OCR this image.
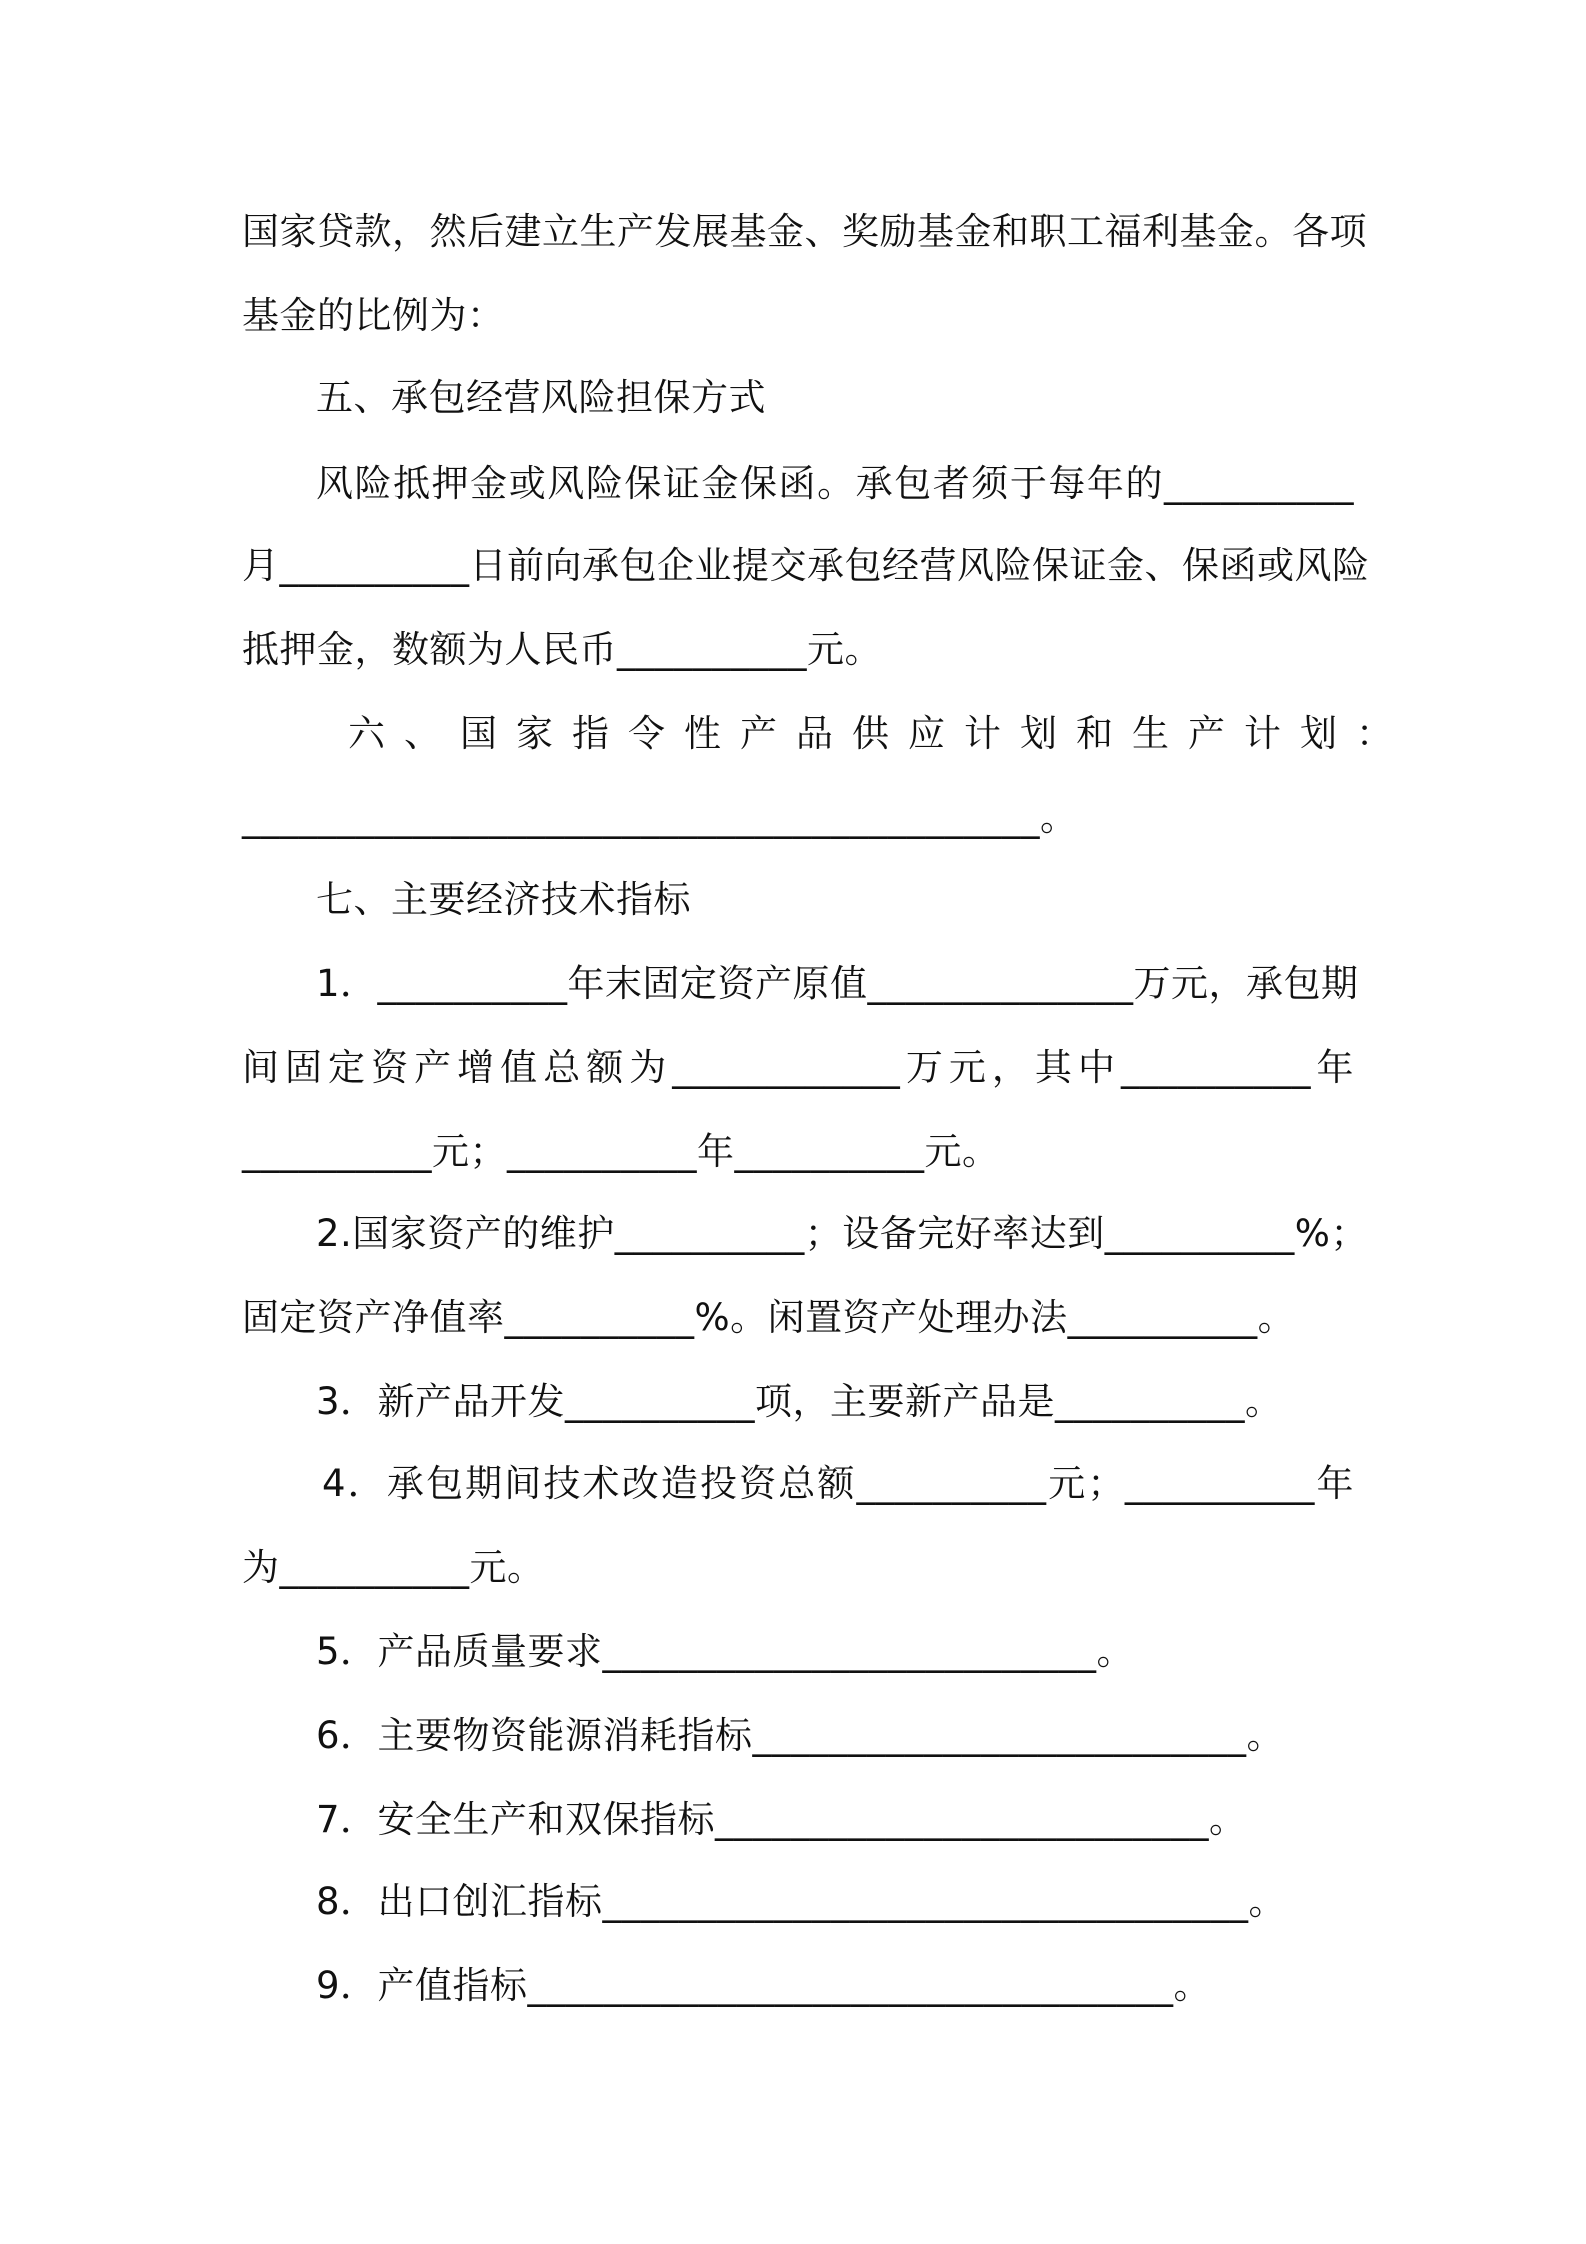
国家贷款，然后建立生产发展基金、奖励基金和职工福利基金。各项
基金的比例为：
五、承包经营风险担保方式
风险抵押金或风险保证金保函。承包者须于每年的__________
月__________日前向承包企业提交承包经营风险保证金、保函或风险
抵押金，数额为人民币__________元。
六、国家指令性产品供应计划和生产计划：
__________________________________________。
七、主要经济技术指标
1．__________年末固定资产原值______________万元，承包期
间固定资产增值总额为____________万元，其中__________年
__________元；__________年__________元。
2.国家资产的维护__________；设备完好率达到__________%；
固定资产净值率__________%。闲置资产处理办法__________。
3．新产品开发__________项，主要新产品是__________。
4．承包期间技术改造投资总额__________元；__________年
为__________元。
5．产品质量要求__________________________。
6．主要物资能源消耗指标__________________________。
7．安全生产和双保指标__________________________。
8．出口创汇指标__________________________________。
9．产值指标__________________________________。
